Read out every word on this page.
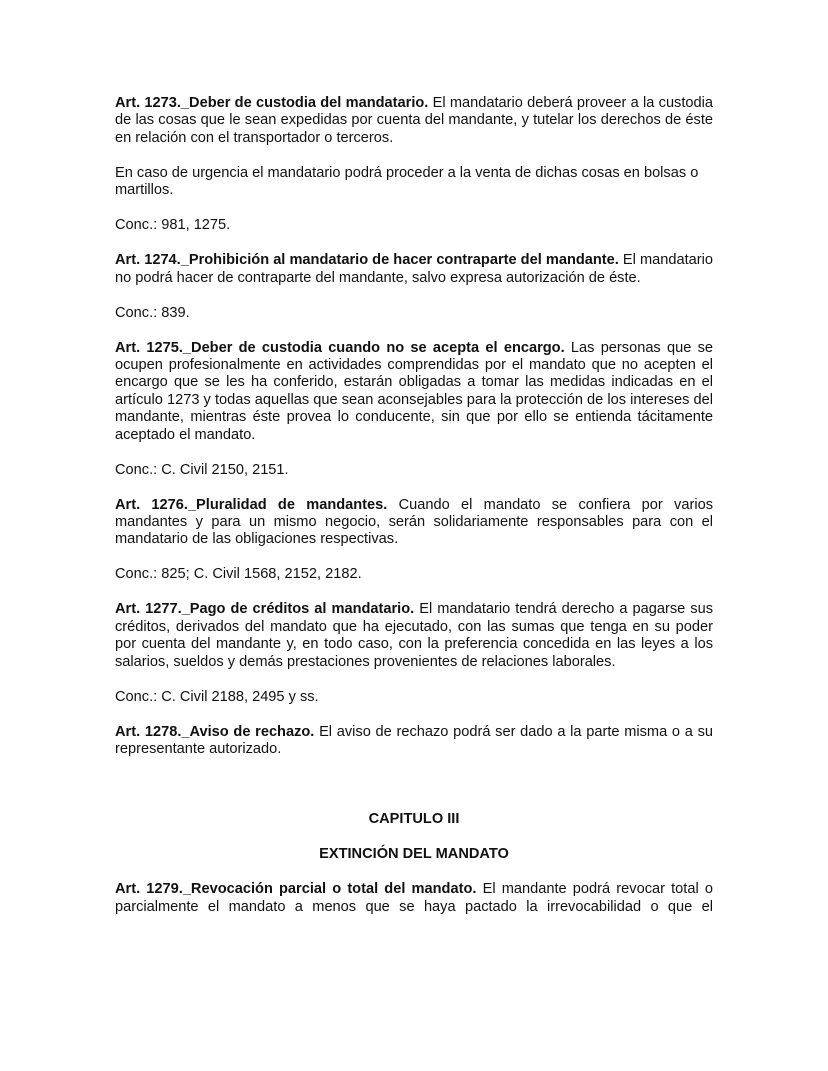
Art. 1273._Deber de custodia del mandatario. El mandatario deberá proveer a la custodia de las cosas que le sean expedidas por cuenta del mandante, y tutelar los derechos de éste en relación con el transportador o terceros.

En caso de urgencia el mandatario podrá proceder a la venta de dichas cosas en bolsas o martillos.

Conc.: 981, 1275.

Art. 1274._Prohibición al mandatario de hacer contraparte del mandante. El mandatario no podrá hacer de contraparte del mandante, salvo expresa autorización de éste.

Conc.: 839.

Art. 1275._Deber de custodia cuando no se acepta el encargo. Las personas que se ocupen profesionalmente en actividades comprendidas por el mandato que no acepten el encargo que se les ha conferido, estarán obligadas a tomar las medidas indicadas en el artículo 1273 y todas aquellas que sean aconsejables para la protección de los intereses del mandante, mientras éste provea lo conducente, sin que por ello se entienda tácitamente aceptado el mandato.

Conc.: C. Civil 2150, 2151.

Art. 1276._Pluralidad de mandantes. Cuando el mandato se confiera por varios mandantes y para un mismo negocio, serán solidariamente responsables para con el mandatario de las obligaciones respectivas.

Conc.: 825; C. Civil 1568, 2152, 2182.

Art. 1277._Pago de créditos al mandatario. El mandatario tendrá derecho a pagarse sus créditos, derivados del mandato que ha ejecutado, con las sumas que tenga en su poder por cuenta del mandante y, en todo caso, con la preferencia concedida en las leyes a los salarios, sueldos y demás prestaciones provenientes de relaciones laborales.

Conc.: C. Civil 2188, 2495 y ss.

Art. 1278._Aviso de rechazo. El aviso de rechazo podrá ser dado a la parte misma o a su representante autorizado.

CAPITULO III

EXTINCIÓN DEL MANDATO

Art. 1279._Revocación parcial o total del mandato. El mandante podrá revocar total o parcialmente el mandato a menos que se haya pactado la irrevocabilidad o que el
